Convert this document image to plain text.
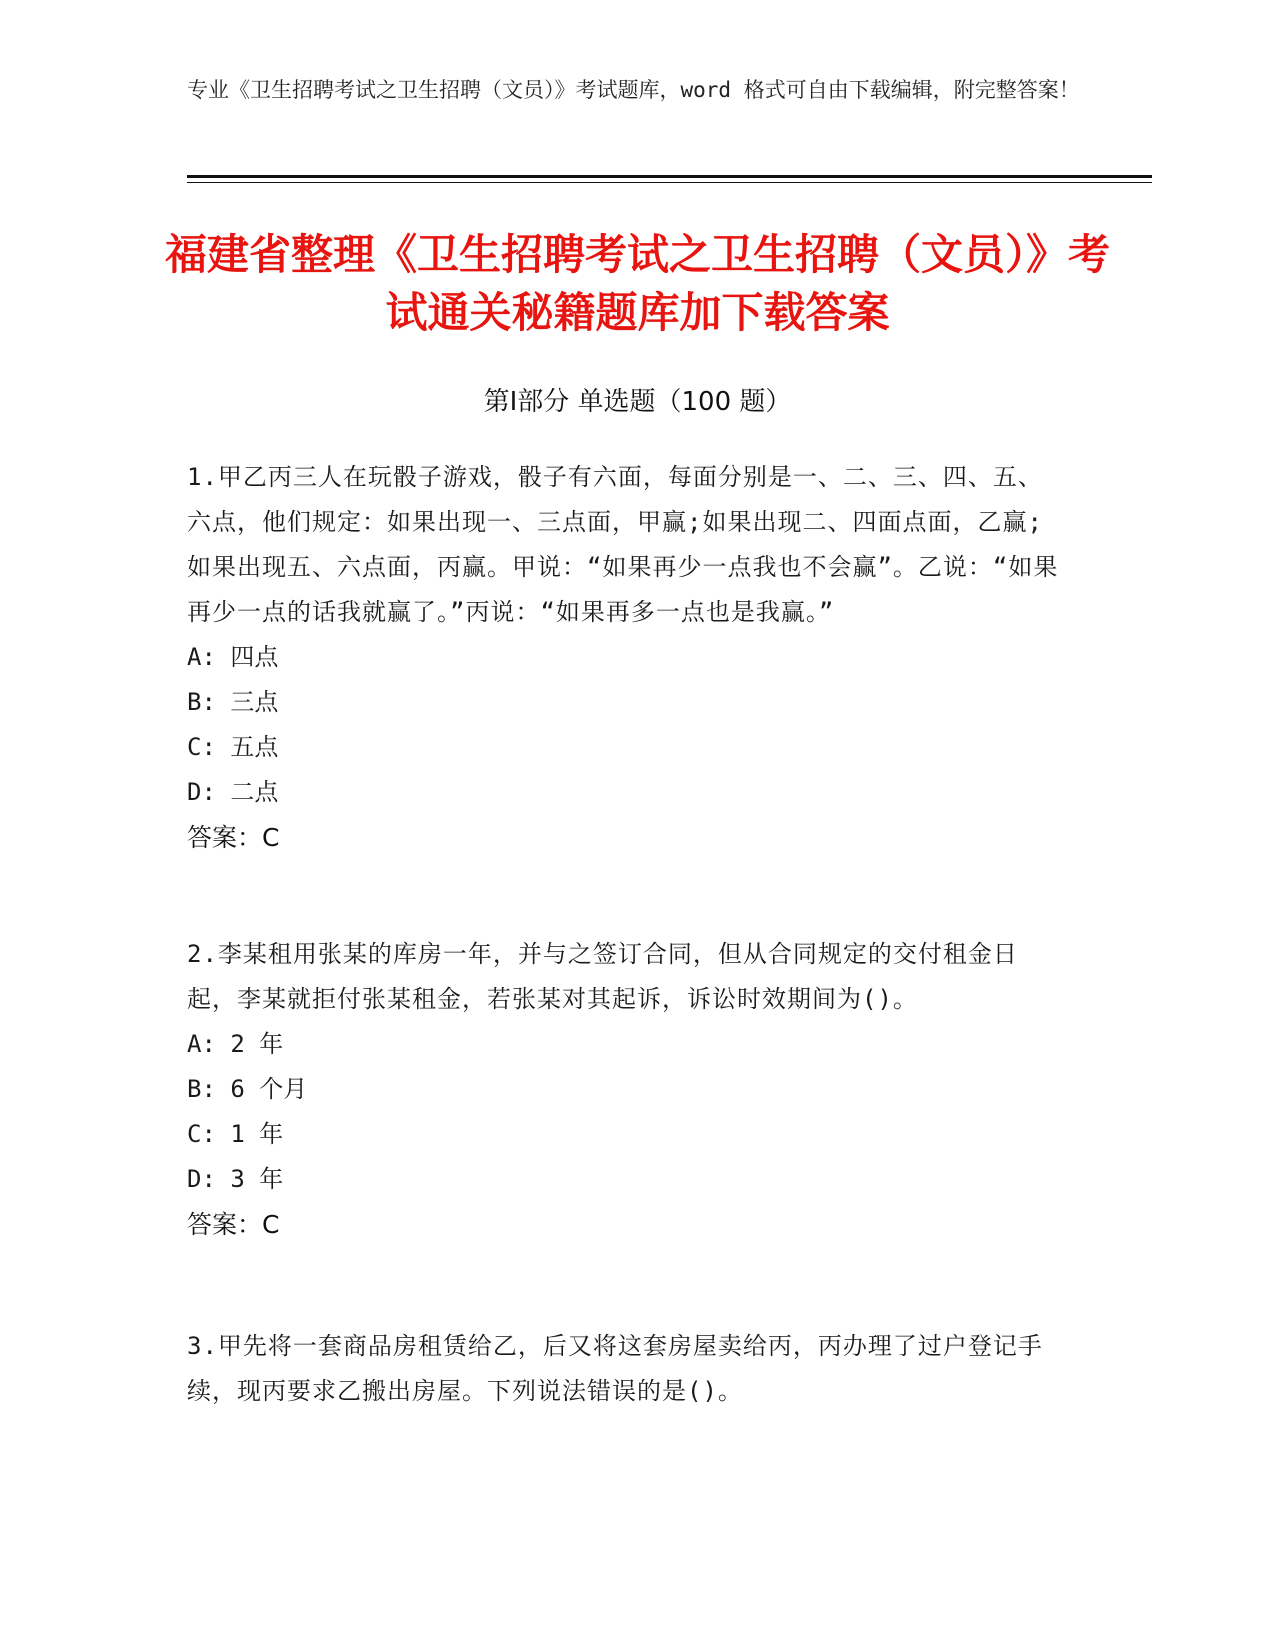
专业《卫生招聘考试之卫生招聘（文员）》考试题库，word 格式可自由下载编辑，附完整答案！
福建省整理《卫生招聘考试之卫生招聘（文员）》考试通关秘籍题库加下载答案
第Ⅰ部分 单选题（100 题）

1.甲乙丙三人在玩骰子游戏，骰子有六面，每面分别是一、二、三、四、五、六点，他们规定：如果出现一、三点面，甲赢;如果出现二、四面点面，乙赢;如果出现五、六点面，丙赢。甲说：“如果再少一点我也不会赢”。乙说：“如果再少一点的话我就赢了。”丙说：“如果再多一点也是我赢。”

A: 四点

B: 三点

C: 五点

D: 二点

答案：C

2.李某租用张某的库房一年，并与之签订合同，但从合同规定的交付租金日起，李某就拒付张某租金，若张某对其起诉，诉讼时效期间为()。

A: 2 年

B: 6 个月

C: 1 年

D: 3 年

答案：C

3.甲先将一套商品房租赁给乙，后又将这套房屋卖给丙，丙办理了过户登记手续，现丙要求乙搬出房屋。下列说法错误的是()。
